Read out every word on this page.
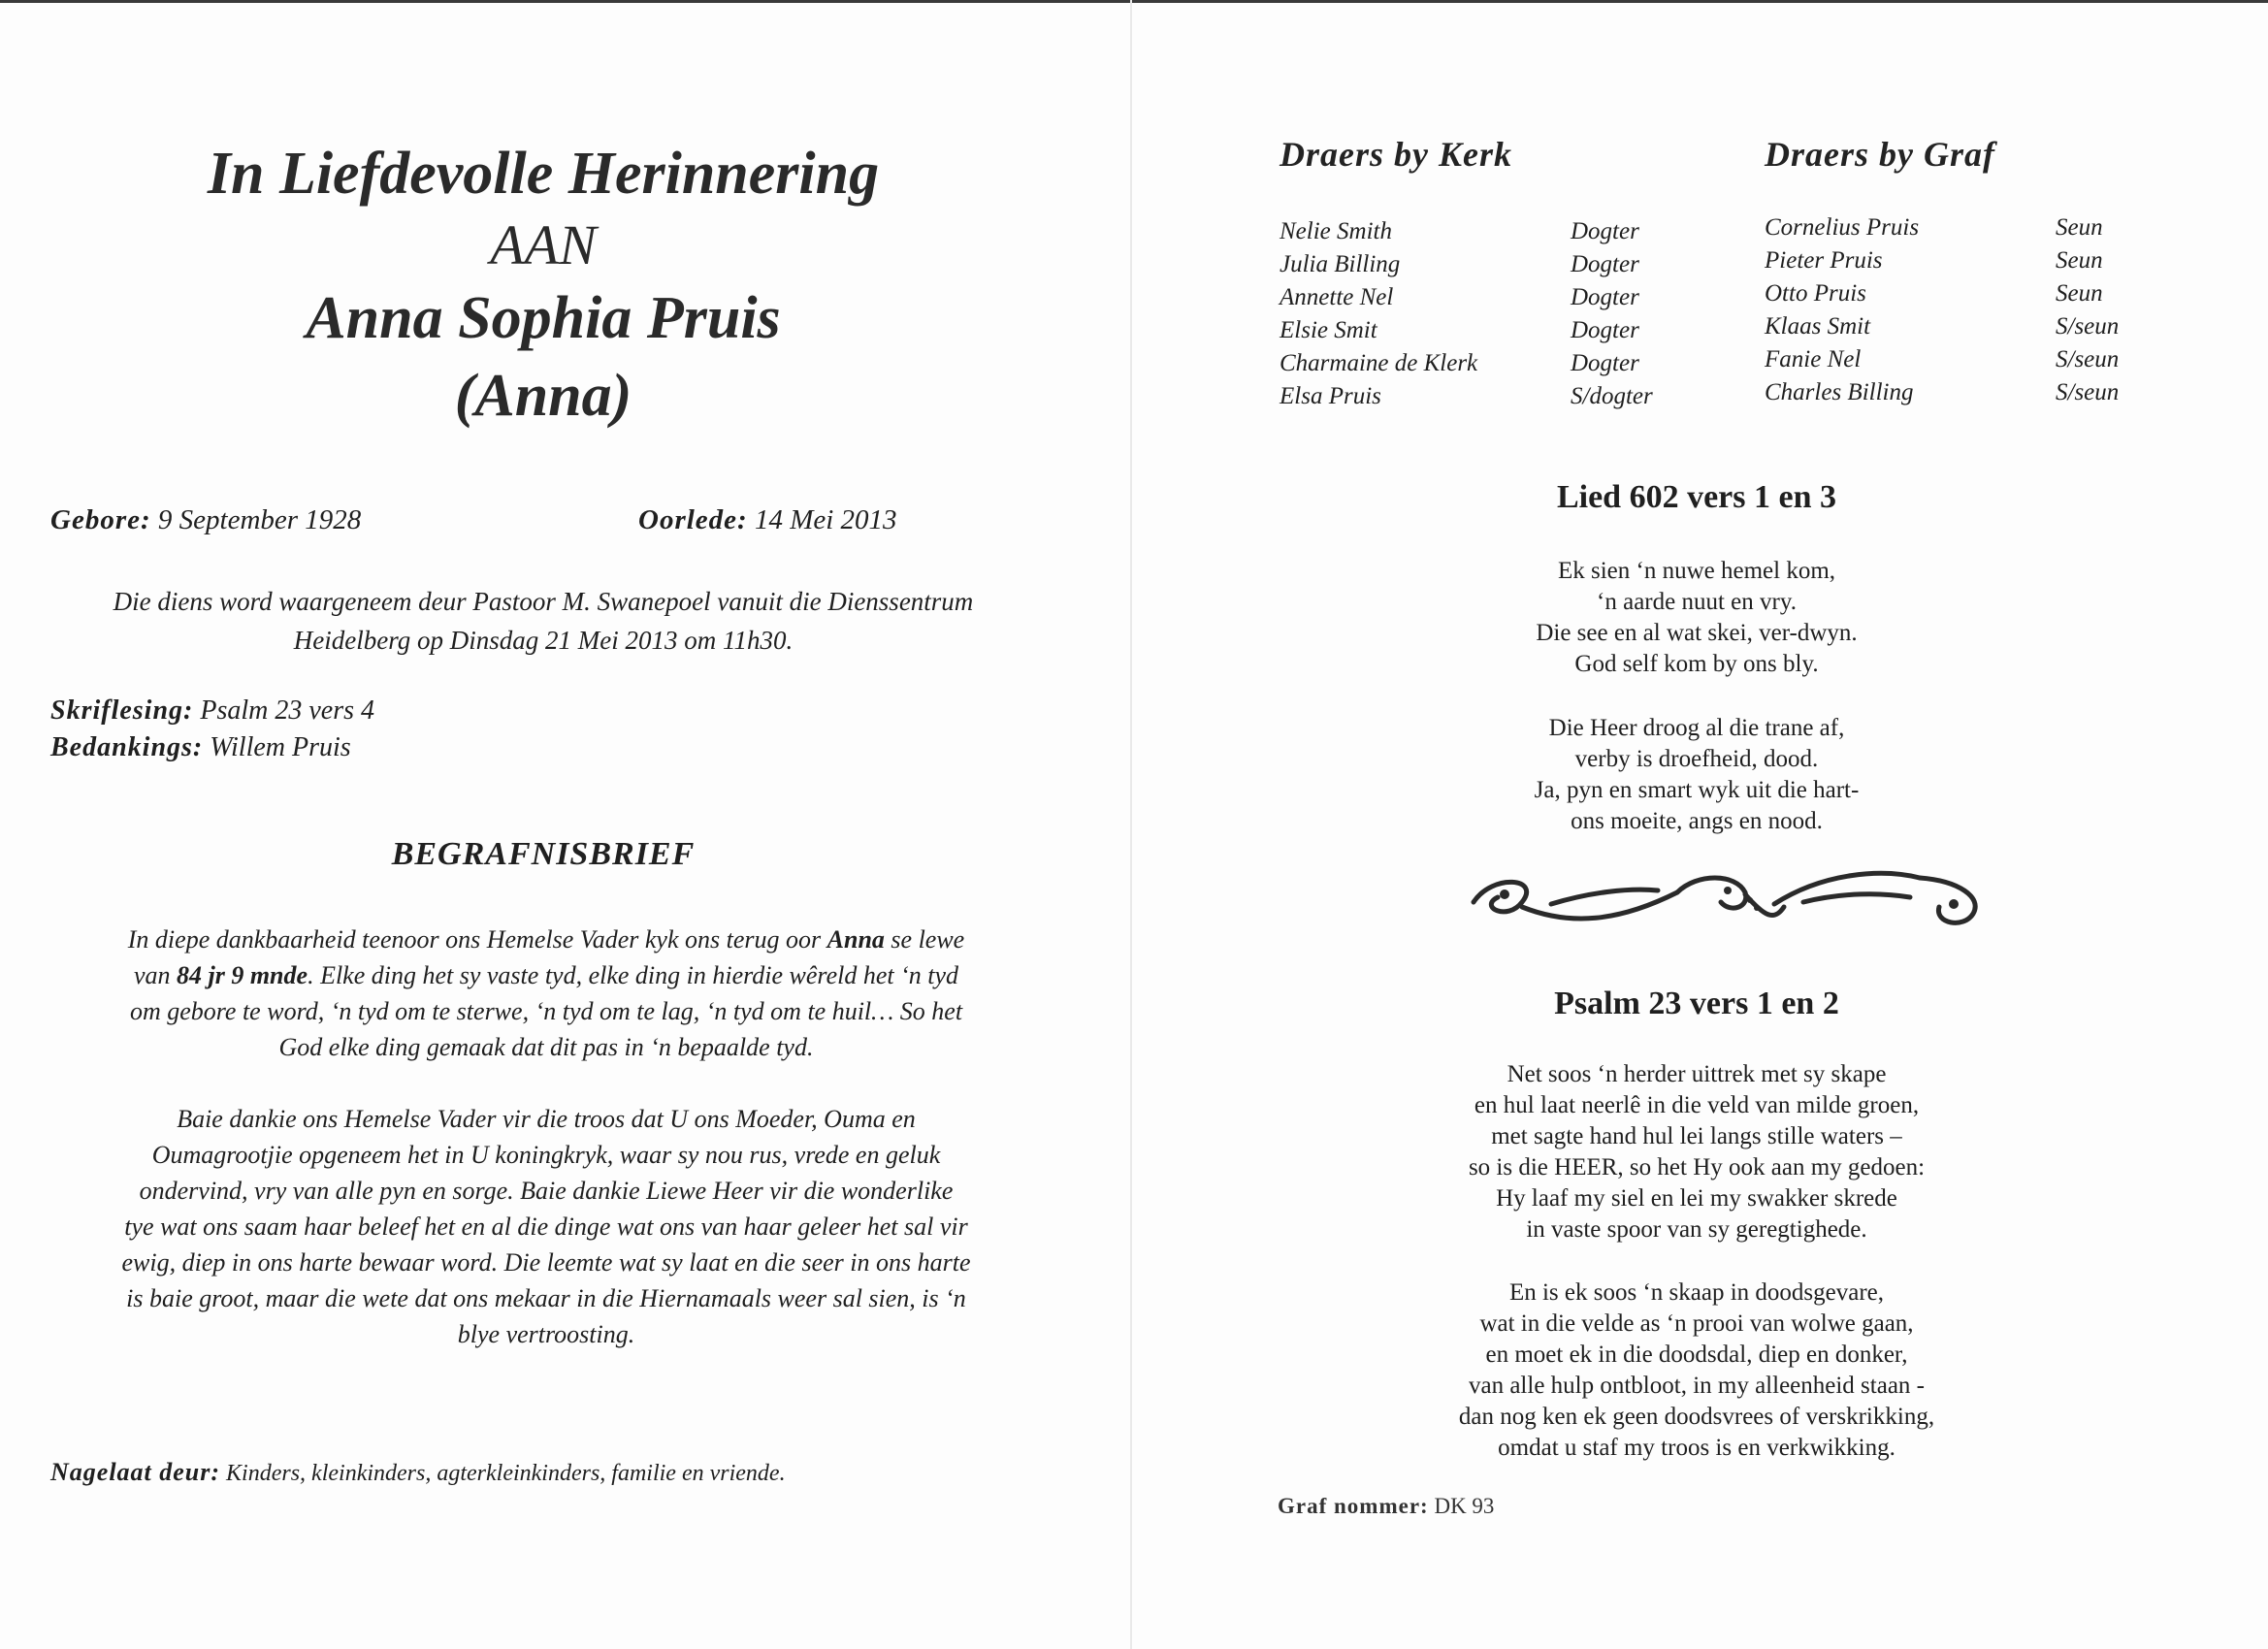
In Liefdevolle Herinnering
AAN
Anna Sophia Pruis
(Anna)
Gebore: 9 September 1928	Oorlede: 14 Mei 2013
Die diens word waargeneem deur Pastoor M. Swanepoel vanuit die Dienssentrum
Heidelberg op Dinsdag 21 Mei 2013 om 11h30.
Skriflesing: Psalm 23 vers 4
Bedankings: Willem Pruis
BEGRAFNISBRIEF
In diepe dankbaarheid teenoor ons Hemelse Vader kyk ons terug oor Anna se lewe
van 84 jr 9 mnde. Elke ding het sy vaste tyd, elke ding in hierdie wêreld het ‘n tyd
om gebore te word, ‘n tyd om te sterwe, ‘n tyd om te lag, ‘n tyd om te huil… So het
God elke ding gemaak dat dit pas in ‘n bepaalde tyd.
Baie dankie ons Hemelse Vader vir die troos dat U ons Moeder, Ouma en
Oumagrootjie opgeneem het in U koningkryk, waar sy nou rus, vrede en geluk
ondervind, vry van alle pyn en sorge. Baie dankie Liewe Heer vir die wonderlike
tye wat ons saam haar beleef het en al die dinge wat ons van haar geleer het sal vir
ewig, diep in ons harte bewaar word. Die leemte wat sy laat en die seer in ons harte
is baie groot, maar die wete dat ons mekaar in die Hiernamaals weer sal sien, is ‘n
blye vertroosting.
Nagelaat deur: Kinders, kleinkinders, agterkleinkinders, familie en vriende.
Draers by Kerk	Draers by Graf
Nelie Smith
Julia Billing
Annette Nel
Elsie Smit
Charmaine de Klerk
Elsa Pruis
Dogter
Dogter
Dogter
Dogter
Dogter
S/dogter
Cornelius Pruis
Pieter Pruis
Otto Pruis
Klaas Smit
Fanie Nel
Charles Billing
Seun
Seun
Seun
S/seun
S/seun
S/seun
Lied 602 vers 1 en 3
Ek sien ‘n nuwe hemel kom,
‘n aarde nuut en vry.
Die see en al wat skei, ver-dwyn.
God self kom by ons bly.
Die Heer droog al die trane af,
verby is droefheid, dood.
Ja, pyn en smart wyk uit die hart-
ons moeite, angs en nood.
Psalm 23 vers 1 en 2
Net soos ‘n herder uittrek met sy skape
en hul laat neerlê in die veld van milde groen,
met sagte hand hul lei langs stille waters –
so is die HEER, so het Hy ook aan my gedoen:
Hy laaf my siel en lei my swakker skrede
in vaste spoor van sy geregtighede.
En is ek soos ‘n skaap in doodsgevare,
wat in die velde as ‘n prooi van wolwe gaan,
en moet ek in die doodsdal, diep en donker,
van alle hulp ontbloot, in my alleenheid staan -
dan nog ken ek geen doodsvrees of verskrikking,
omdat u staf my troos is en verkwikking.
Graf nommer: DK 93
